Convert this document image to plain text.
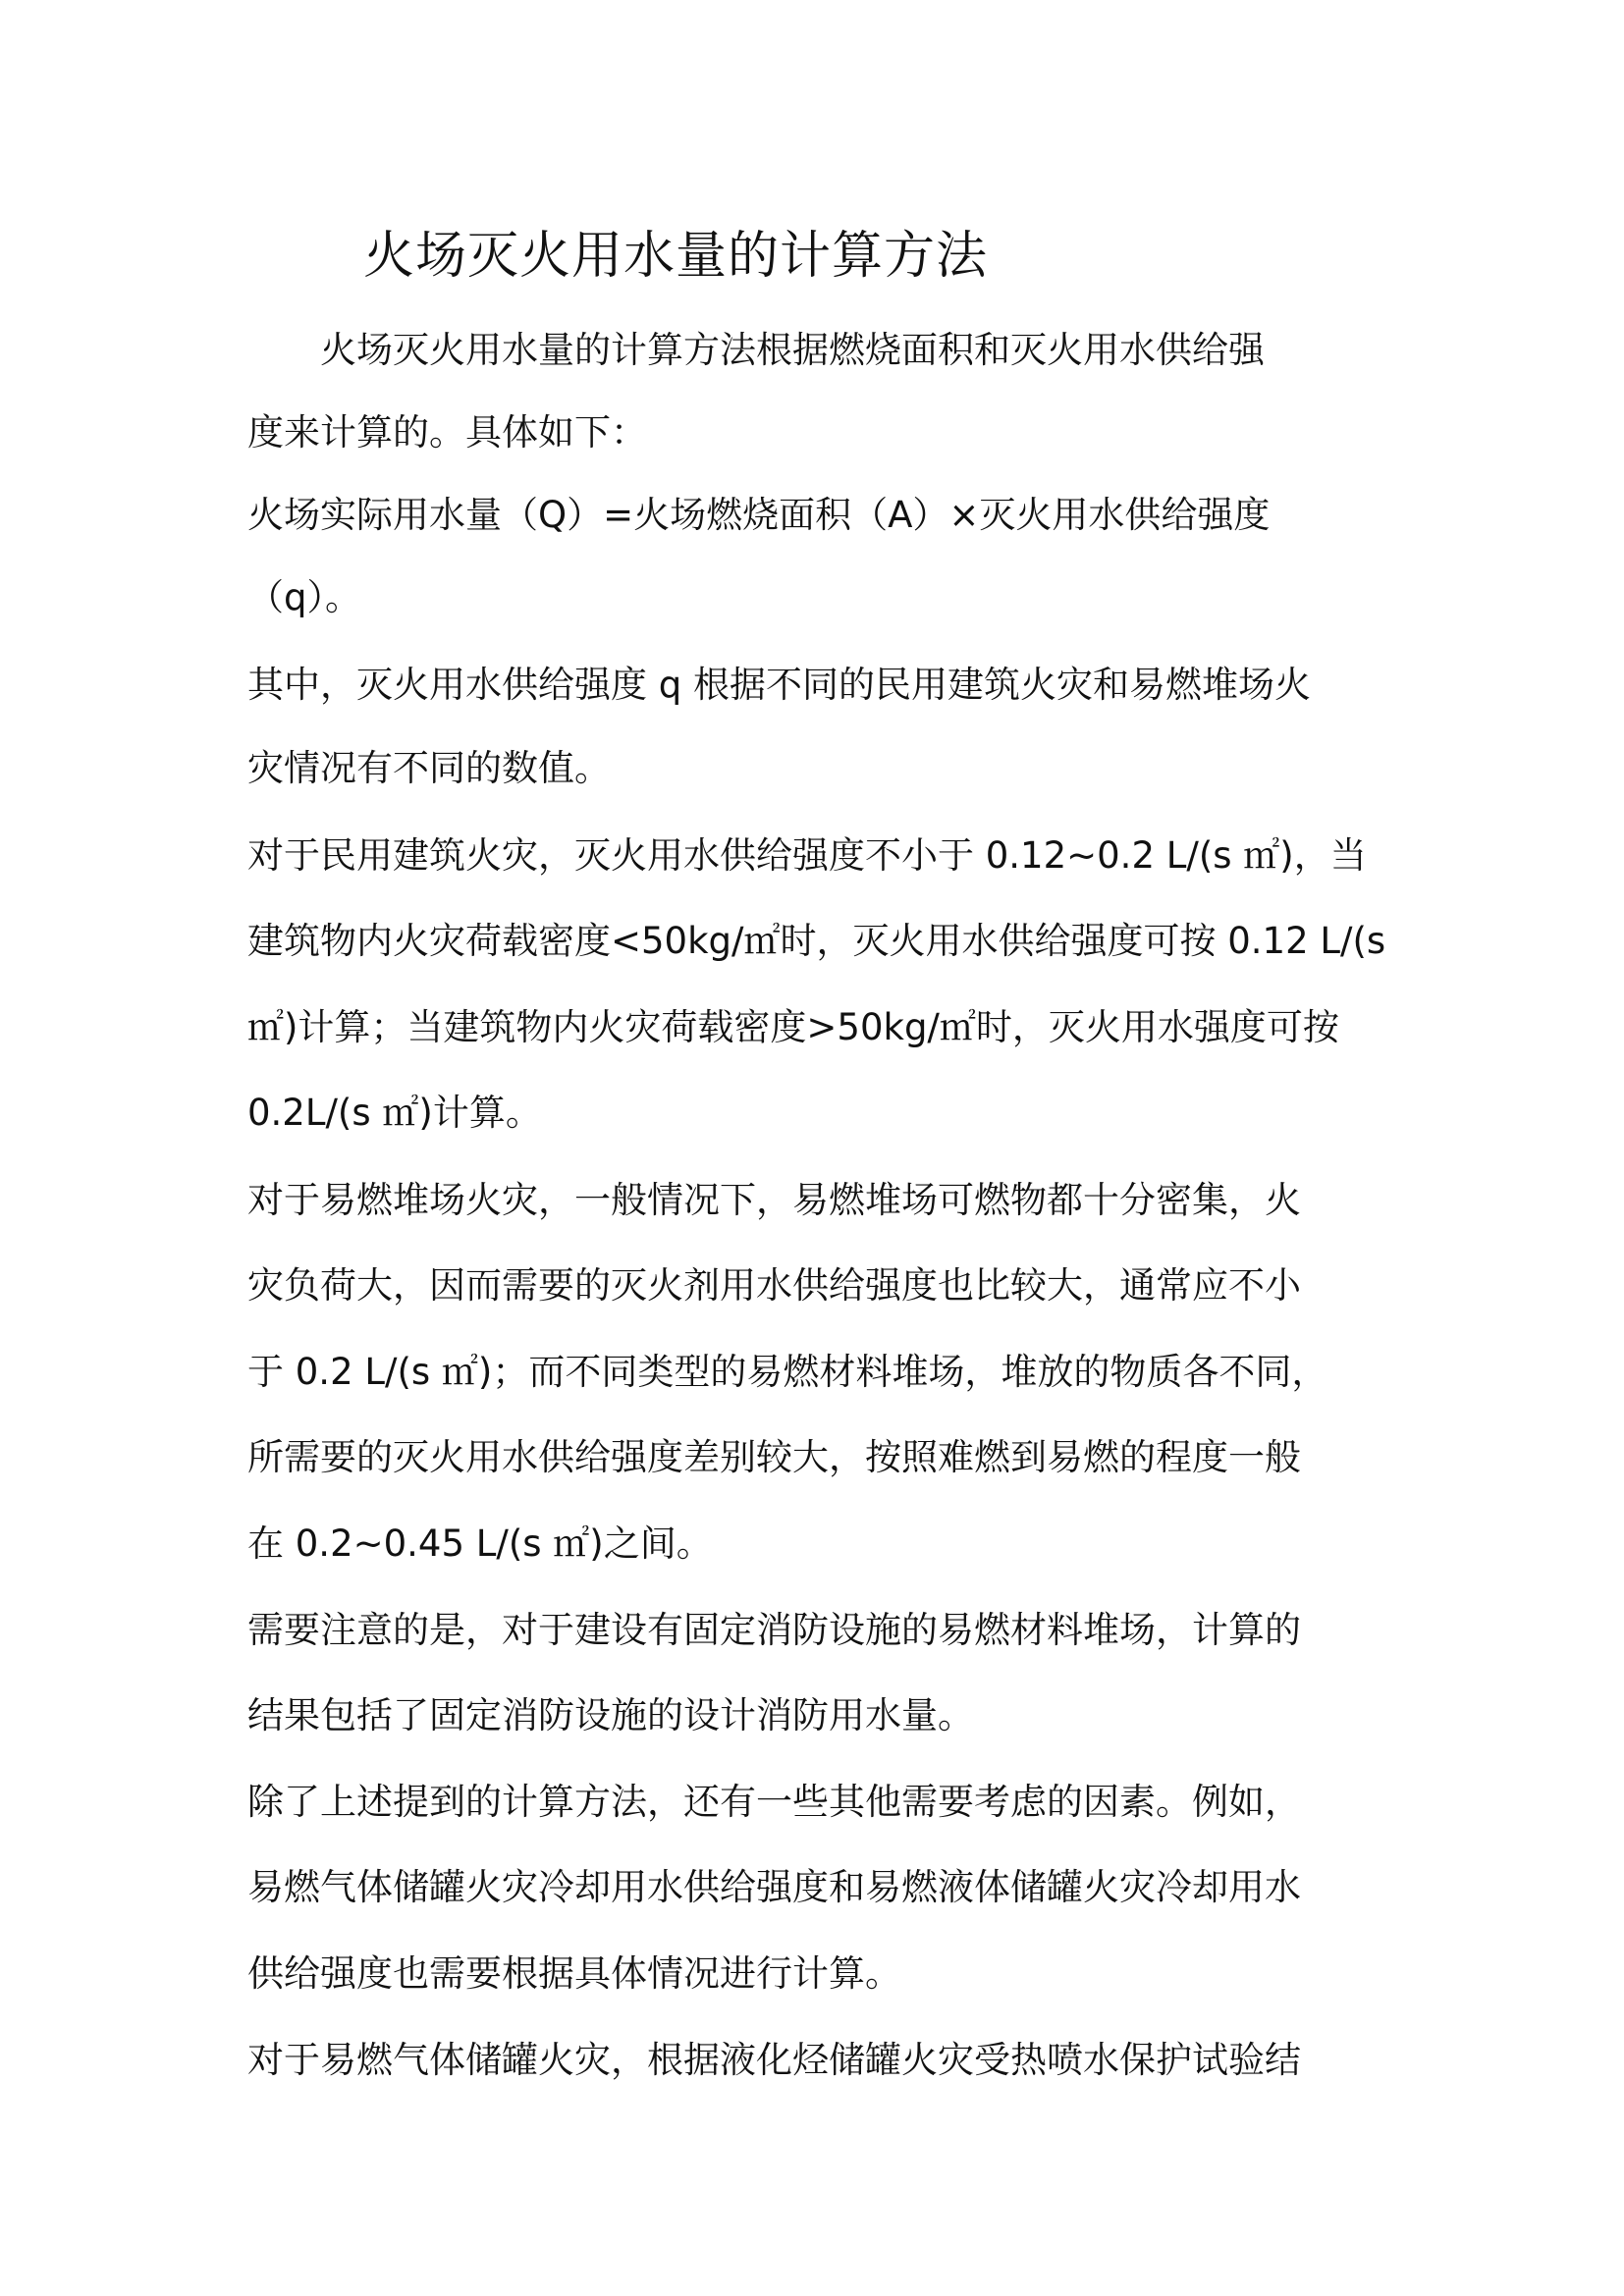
火场灭火用水量的计算方法
　　火场灭火用水量的计算方法根据燃烧面积和灭火用水供给强
度来计算的。具体如下：
火场实际用水量（Q）=火场燃烧面积（A）×灭火用水供给强度
（q）。
其中，灭火用水供给强度 q 根据不同的民用建筑火灾和易燃堆场火
灾情况有不同的数值。
对于民用建筑火灾，灭火用水供给强度不小于 0.12~0.2 L/(s ㎡)，当
建筑物内火灾荷载密度<50kg/㎡时，灭火用水供给强度可按 0.12 L/(s
㎡)计算；当建筑物内火灾荷载密度>50kg/㎡时，灭火用水强度可按
0.2L/(s ㎡)计算。
对于易燃堆场火灾，一般情况下，易燃堆场可燃物都十分密集，火
灾负荷大，因而需要的灭火剂用水供给强度也比较大，通常应不小
于 0.2 L/(s ㎡)；而不同类型的易燃材料堆场，堆放的物质各不同，
所需要的灭火用水供给强度差别较大，按照难燃到易燃的程度一般
在 0.2~0.45 L/(s ㎡)之间。
需要注意的是，对于建设有固定消防设施的易燃材料堆场，计算的
结果包括了固定消防设施的设计消防用水量。
除了上述提到的计算方法，还有一些其他需要考虑的因素。例如，
易燃气体储罐火灾冷却用水供给强度和易燃液体储罐火灾冷却用水
供给强度也需要根据具体情况进行计算。
对于易燃气体储罐火灾，根据液化烃储罐火灾受热喷水保护试验结
